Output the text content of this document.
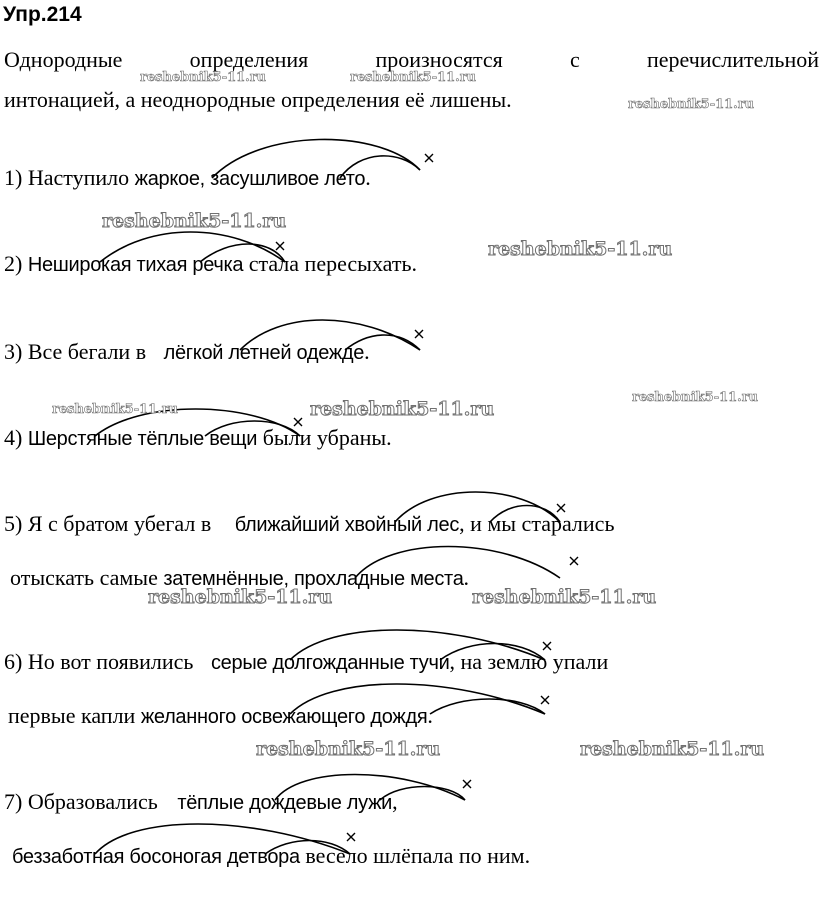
Упр.214

Однородные определения произносятся с перечислительной

интонацией, а неоднородные определения её лишены.

1) Наступило жаркое, засушливое лето.
2) Неширокая тихая речка стала пересыхать.
3) Все бегали в лёгкой летней одежде.
4) Шерстяные тёплые вещи были убраны.
5) Я с братом убегал в ближайший хвойный лес, и мы старались
отыскать самые затемнённые, прохладные места.
6) Но вот появились серые долгожданные тучи, на землю упали
первые капли желанного освежающего дождя.
7) Образовались тёплые дождевые лужи,
беззаботная босоногая детвора весело шлёпала по ним.
reshebnik5-11.ru	reshebnik5-11.ru
reshebnik5-11.ru
reshebnik5-11.ru
reshebnik5-11.ru
reshebnik5-11.ru
reshebnik5-11.ru	reshebnik5-11.ru
reshebnik5-11.ru	reshebnik5-11.ru
reshebnik5-11.ru	reshebnik5-11.ru
